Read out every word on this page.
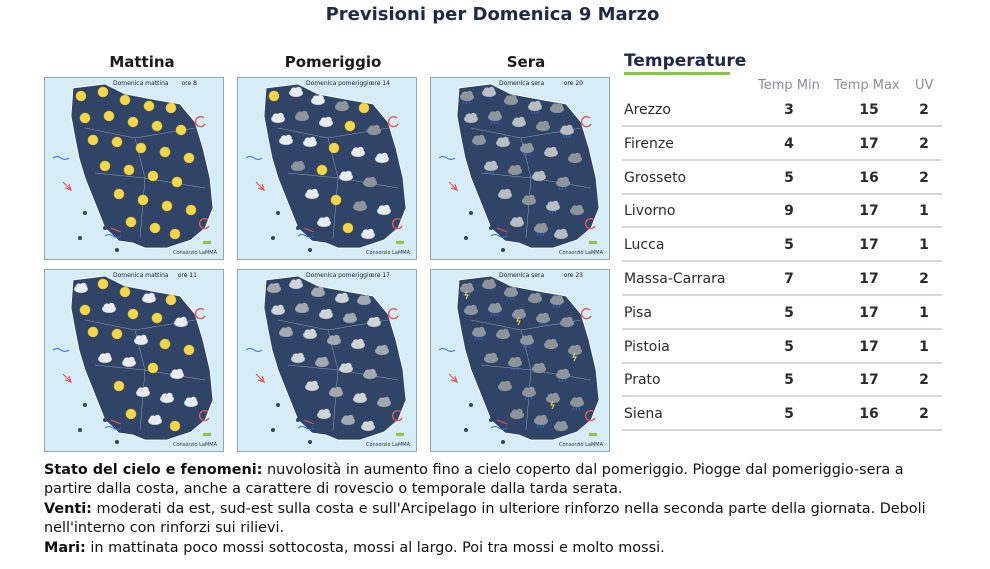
Previsioni per Domenica 9 Marzo
Mattina	Pomeriggio	Sera
Domenica mattina ore 8
Consorzio LaMMA
Domenica pomeriggio
ore 14
Consorzio LaMMA
Domenica sera	ore 20
Consorzio LaMMA
Domenica mattina ore 11
Consorzio LaMMA
Domenica pomeriggio
ore 17
Consorzio LaMMA
Domenica sera	ore 23
Consorzio LaMMA
Temperature
Temp Min Temp Max UV
Arezzo	3	15	2
Firenze	4	17	2
Grosseto	5	16	2
Livorno	9	17	1
Lucca	5	17	1
Massa-Carrara	7	17	2
Pisa	5	17	1
Pistoia	5	17	1
Prato	5	17	2
Siena	5	16	2
Stato del cielo e fenomeni: nuvolosità in aumento fino a cielo coperto dal pomeriggio. Piogge dal pomeriggio-sera a partire dalla costa, anche a carattere di rovescio o temporale dalla tarda serata.
Venti: moderati da est, sud-est sulla costa e sull'Arcipelago in ulteriore rinforzo nella seconda parte della giornata. Deboli nell'interno con rinforzi sui rilievi.
Mari: in mattinata poco mossi sottocosta, mossi al largo. Poi tra mossi e molto mossi.
